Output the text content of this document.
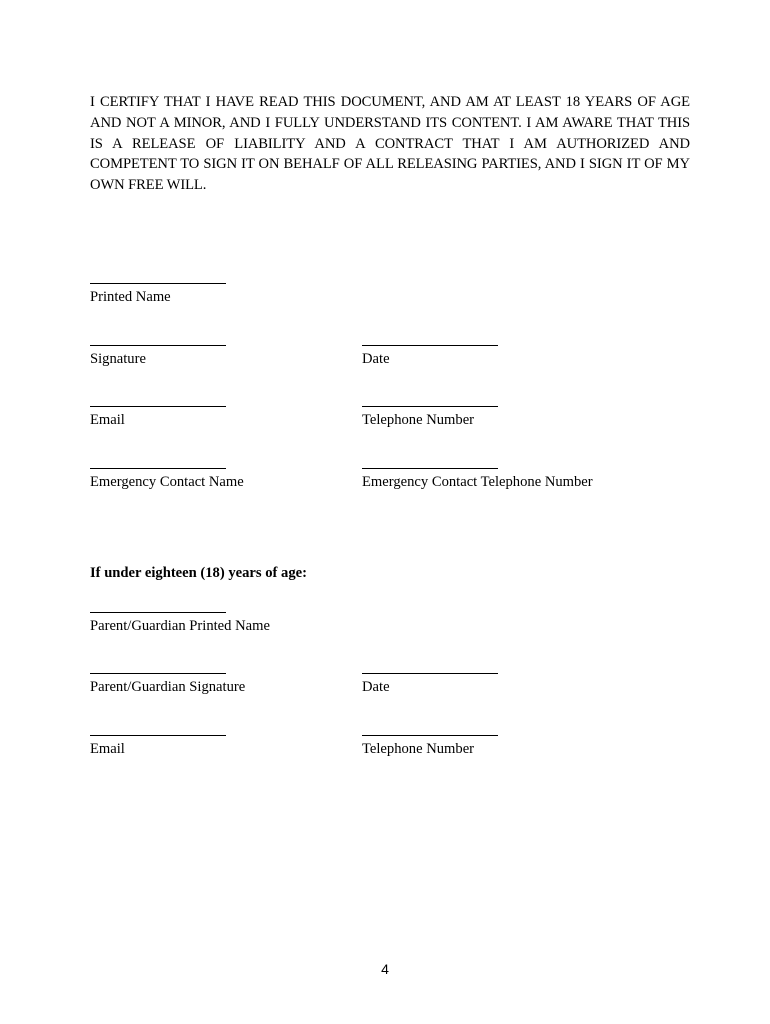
I CERTIFY THAT I HAVE READ THIS DOCUMENT, AND AM AT LEAST 18 YEARS OF AGE AND NOT A MINOR, AND I FULLY UNDERSTAND ITS CONTENT. I AM AWARE THAT THIS IS A RELEASE OF LIABILITY AND A CONTRACT THAT I AM AUTHORIZED AND COMPETENT TO SIGN IT ON BEHALF OF ALL RELEASING PARTIES, AND I SIGN IT OF MY OWN FREE WILL.

Printed Name
Signature	Date
Email	Telephone Number
Emergency Contact Name	Emergency Contact Telephone Number

If under eighteen (18) years of age:

Parent/Guardian Printed Name
Parent/Guardian Signature	Date
Email	Telephone Number
4
